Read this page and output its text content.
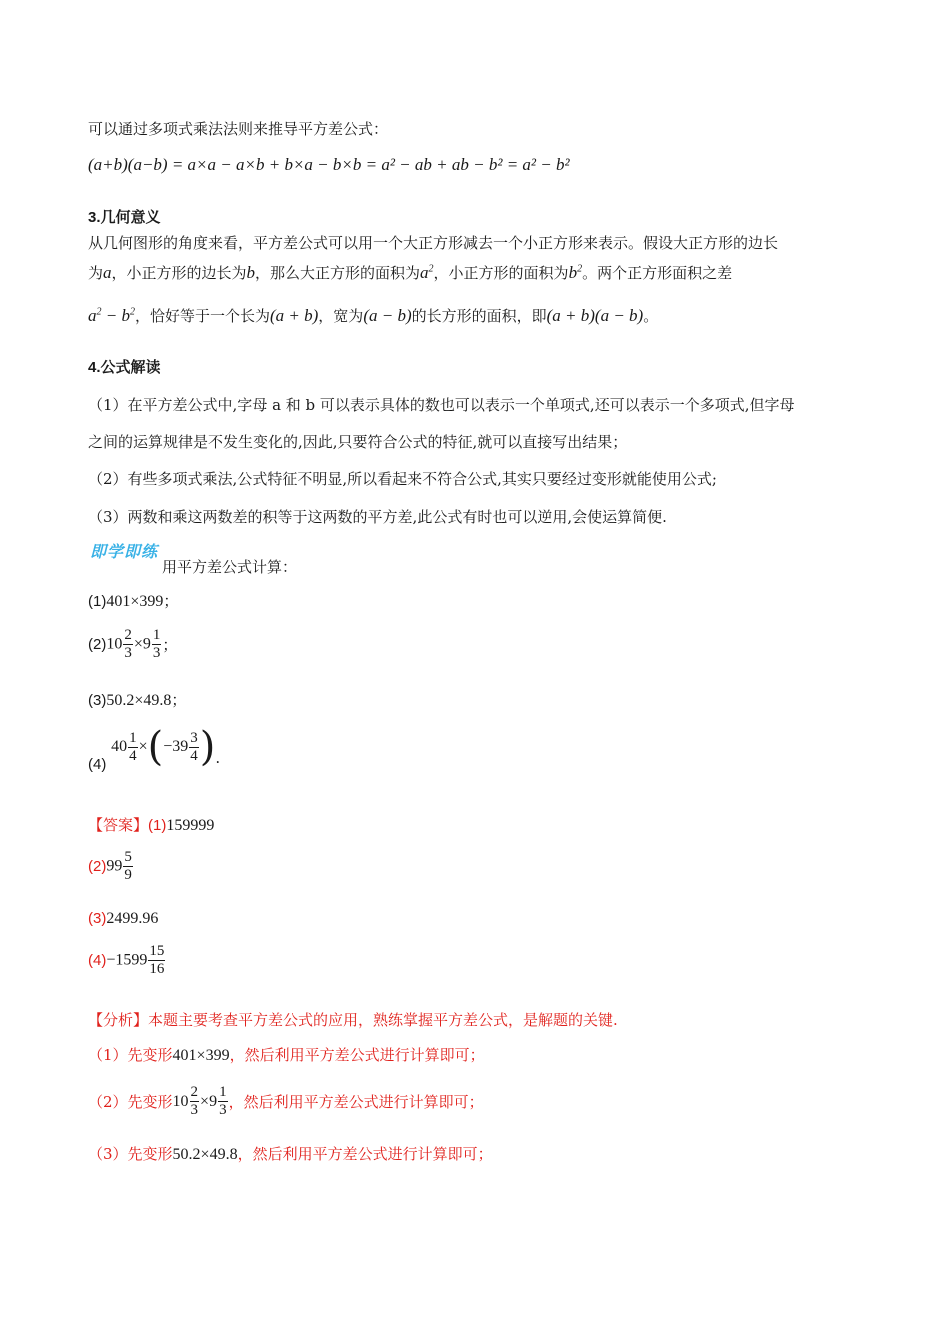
可以通过多项式乘法法则来推导平方差公式：
(a+b)(a−b) = a×a − a×b + b×a − b×b = a² − ab + ab − b² = a² − b²
3.几何意义
从几何图形的角度来看，平方差公式可以用一个大正方形减去一个小正方形来表示。假设大正方形的边长
为a，小正方形的边长为b，那么大正方形的面积为$a^2$，小正方形的面积为$b^2$。两个正方形面积之差
$a^2 - b^2$，恰好等于一个长为(a + b)，宽为(a − b)的长方形的面积，即(a + b)(a − b)。
4.公式解读
（1）在平方差公式中,字母 a 和 b 可以表示具体的数也可以表示一个单项式,还可以表示一个多项式,但字母
之间的运算规律是不发生变化的,因此,只要符合公式的特征,就可以直接写出结果；
（2）有些多项式乘法,公式特征不明显,所以看起来不符合公式,其实只要经过变形就能使用公式;
（3）两数和乘这两数差的积等于这两数的平方差,此公式有时也可以逆用,会使运算简便.
即学即练
用平方差公式计算：
(1)401×399；
$(2)10 \frac{2}{3} \times 9 \frac{1}{3}$ ；
(3)50.2×49.8；
(4) $40 \frac{1}{4} \times(-39 \frac{3}{4}$ ).
【答案】(1)159999
$(2)99 \frac{5}{9}$
(3)2499.96
$(4)-1599 \frac{15}{16}$
【分析】本题主要考查平方差公式的应用，熟练掌握平方差公式，是解题的关键.
（1）先变形401×399，然后利用平方差公式进行计算即可；
（2）先变形$10 \frac{2}{3} \times 9 \frac{1}{3}$ ，然后利用平方差公式进行计算即可；
（3）先变形50.2×49.8，然后利用平方差公式进行计算即可；
